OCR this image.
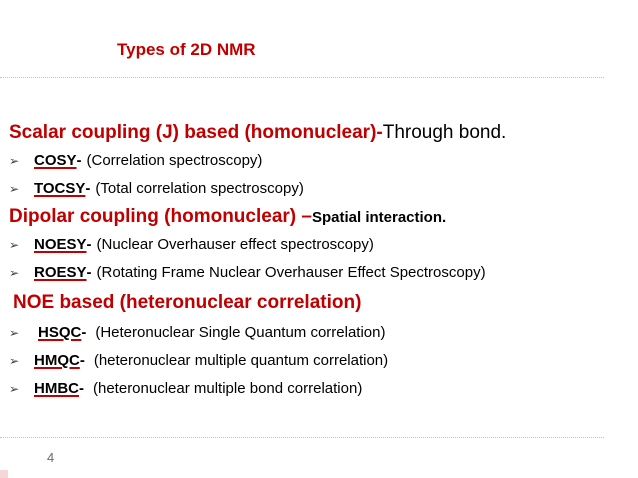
Types of 2D NMR
Scalar coupling (J) based (homonuclear)-Through bond.
➢ COSY - (Correlation spectroscopy)
➢ TOCSY - (Total correlation spectroscopy)
Dipolar coupling (homonuclear) –Spatial interaction.
➢ NOESY - (Nuclear Overhauser effect spectroscopy)
➢ ROESY - (Rotating Frame Nuclear Overhauser Effect Spectroscopy)
NOE based (heteronuclear correlation)
➢	HSQC - (Heteronuclear Single Quantum correlation)
➢ HMQC - (heteronuclear multiple quantum correlation)
➢ HMBC - (heteronuclear multiple bond correlation)
4
